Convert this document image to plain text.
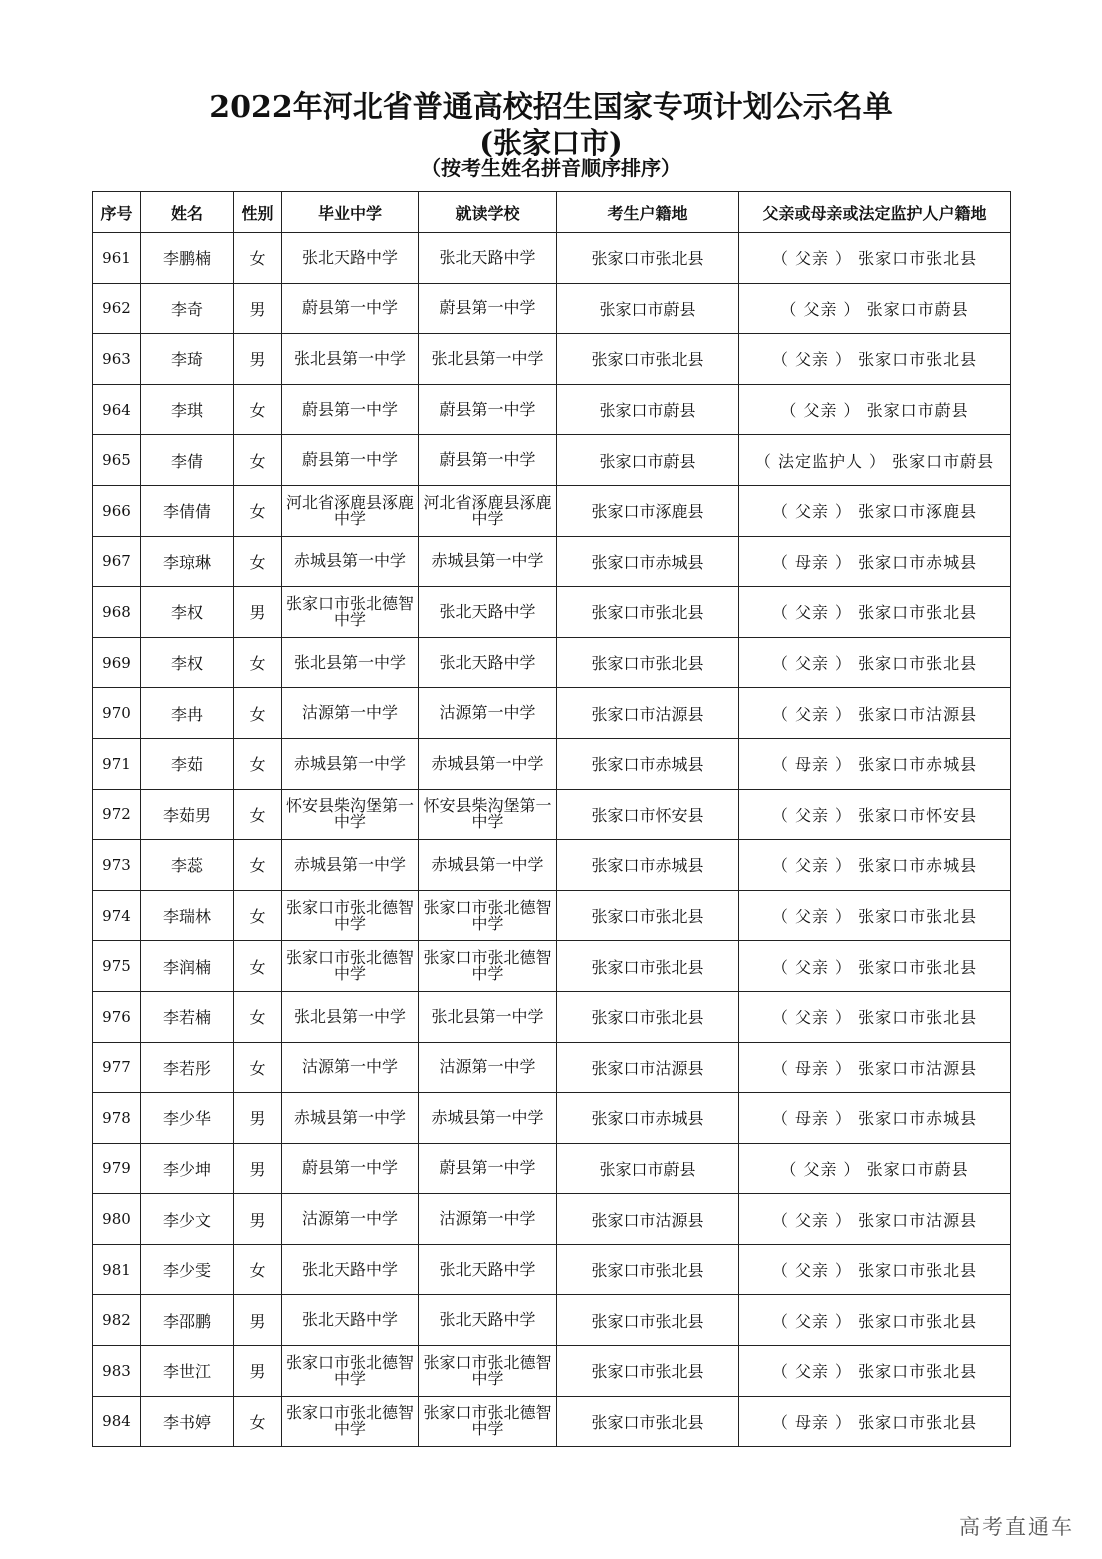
2022年河北省普通高校招生国家专项计划公示名单
(张家口市)
（按考生姓名拼音顺序排序）
序号	姓名	性别	毕业中学	就读学校	考生户籍地	父亲或母亲或法定监护人户籍地
961	李鹏楠	女	张北天路中学	张北天路中学	张家口市张北县	（ 父亲 ） 张家口市张北县
962	李奇	男	蔚县第一中学	蔚县第一中学	张家口市蔚县	（ 父亲 ） 张家口市蔚县
963	李琦	男	张北县第一中学	张北县第一中学	张家口市张北县	（ 父亲 ） 张家口市张北县
964	李琪	女	蔚县第一中学	蔚县第一中学	张家口市蔚县	（ 父亲 ） 张家口市蔚县
965	李倩	女	蔚县第一中学	蔚县第一中学	张家口市蔚县	（ 法定监护人 ） 张家口市蔚县
966	李倩倩	女	河北省涿鹿县涿鹿中学	河北省涿鹿县涿鹿中学	张家口市涿鹿县	（ 父亲 ） 张家口市涿鹿县
967	李琼琳	女	赤城县第一中学	赤城县第一中学	张家口市赤城县	（ 母亲 ） 张家口市赤城县
968	李权	男	张家口市张北德智中学	张北天路中学	张家口市张北县	（ 父亲 ） 张家口市张北县
969	李权	女	张北县第一中学	张北天路中学	张家口市张北县	（ 父亲 ） 张家口市张北县
970	李冉	女	沽源第一中学	沽源第一中学	张家口市沽源县	（ 父亲 ） 张家口市沽源县
971	李茹	女	赤城县第一中学	赤城县第一中学	张家口市赤城县	（ 母亲 ） 张家口市赤城县
972	李茹男	女	怀安县柴沟堡第一中学	怀安县柴沟堡第一中学	张家口市怀安县	（ 父亲 ） 张家口市怀安县
973	李蕊	女	赤城县第一中学	赤城县第一中学	张家口市赤城县	（ 父亲 ） 张家口市赤城县
974	李瑞林	女	张家口市张北德智中学	张家口市张北德智中学	张家口市张北县	（ 父亲 ） 张家口市张北县
975	李润楠	女	张家口市张北德智中学	张家口市张北德智中学	张家口市张北县	（ 父亲 ） 张家口市张北县
976	李若楠	女	张北县第一中学	张北县第一中学	张家口市张北县	（ 父亲 ） 张家口市张北县
977	李若彤	女	沽源第一中学	沽源第一中学	张家口市沽源县	（ 母亲 ） 张家口市沽源县
978	李少华	男	赤城县第一中学	赤城县第一中学	张家口市赤城县	（ 母亲 ） 张家口市赤城县
979	李少坤	男	蔚县第一中学	蔚县第一中学	张家口市蔚县	（ 父亲 ） 张家口市蔚县
980	李少文	男	沽源第一中学	沽源第一中学	张家口市沽源县	（ 父亲 ） 张家口市沽源县
981	李少雯	女	张北天路中学	张北天路中学	张家口市张北县	（ 父亲 ） 张家口市张北县
982	李邵鹏	男	张北天路中学	张北天路中学	张家口市张北县	（ 父亲 ） 张家口市张北县
983	李世江	男	张家口市张北德智中学	张家口市张北德智中学	张家口市张北县	（ 父亲 ） 张家口市张北县
984	李书婷	女	张家口市张北德智中学	张家口市张北德智中学	张家口市张北县	（ 母亲 ） 张家口市张北县
高考直通车
